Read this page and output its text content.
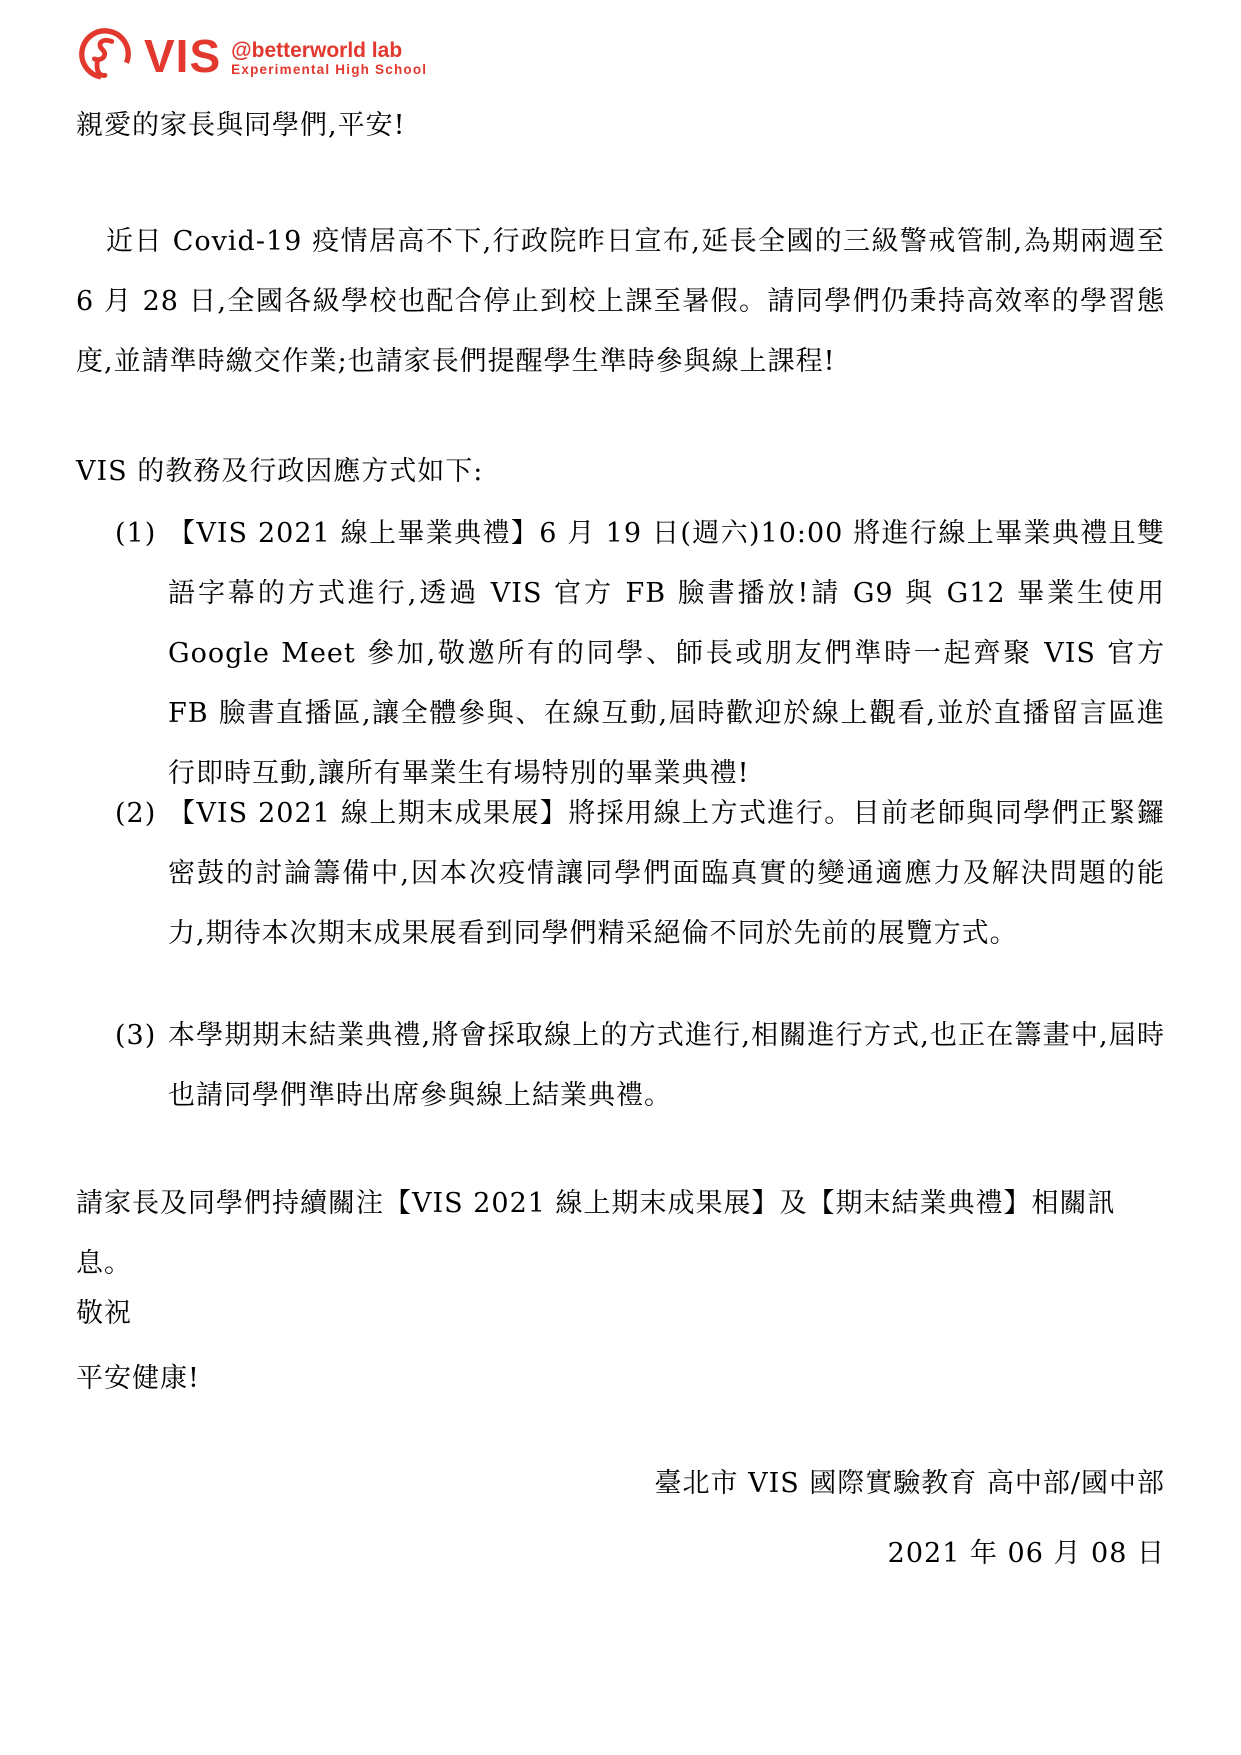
VIS @betterworld lab
Experimental High School

親愛的家長與同學們,平安!

近日 Covid-19 疫情居高不下,行政院昨日宣布,延長全國的三級警戒管制,為期兩週至 6 月 28 日,全國各級學校也配合停止到校上課至暑假。請同學們仍秉持高效率的學習態度,並請準時繳交作業;也請家長們提醒學生準時參與線上課程!

VIS 的教務及行政因應方式如下:

(1) 【VIS 2021 線上畢業典禮】6 月 19 日(週六)10:00 將進行線上畢業典禮且雙語字幕的方式進行,透過 VIS 官方 FB 臉書播放!請 G9 與 G12 畢業生使用 Google Meet 參加,敬邀所有的同學、師長或朋友們準時一起齊聚 VIS 官方 FB 臉書直播區,讓全體參與、在線互動,屆時歡迎於線上觀看,並於直播留言區進行即時互動,讓所有畢業生有場特別的畢業典禮!
(2) 【VIS 2021 線上期末成果展】將採用線上方式進行。目前老師與同學們正緊鑼密鼓的討論籌備中,因本次疫情讓同學們面臨真實的變通適應力及解決問題的能力,期待本次期末成果展看到同學們精采絕倫不同於先前的展覽方式。
(3) 本學期期末結業典禮,將會採取線上的方式進行,相關進行方式,也正在籌畫中,屆時也請同學們準時出席參與線上結業典禮。

請家長及同學們持續關注【VIS 2021 線上期末成果展】及【期末結業典禮】相關訊息。

敬祝

平安健康!

臺北市 VIS 國際實驗教育 高中部/國中部

2021 年 06 月 08 日
